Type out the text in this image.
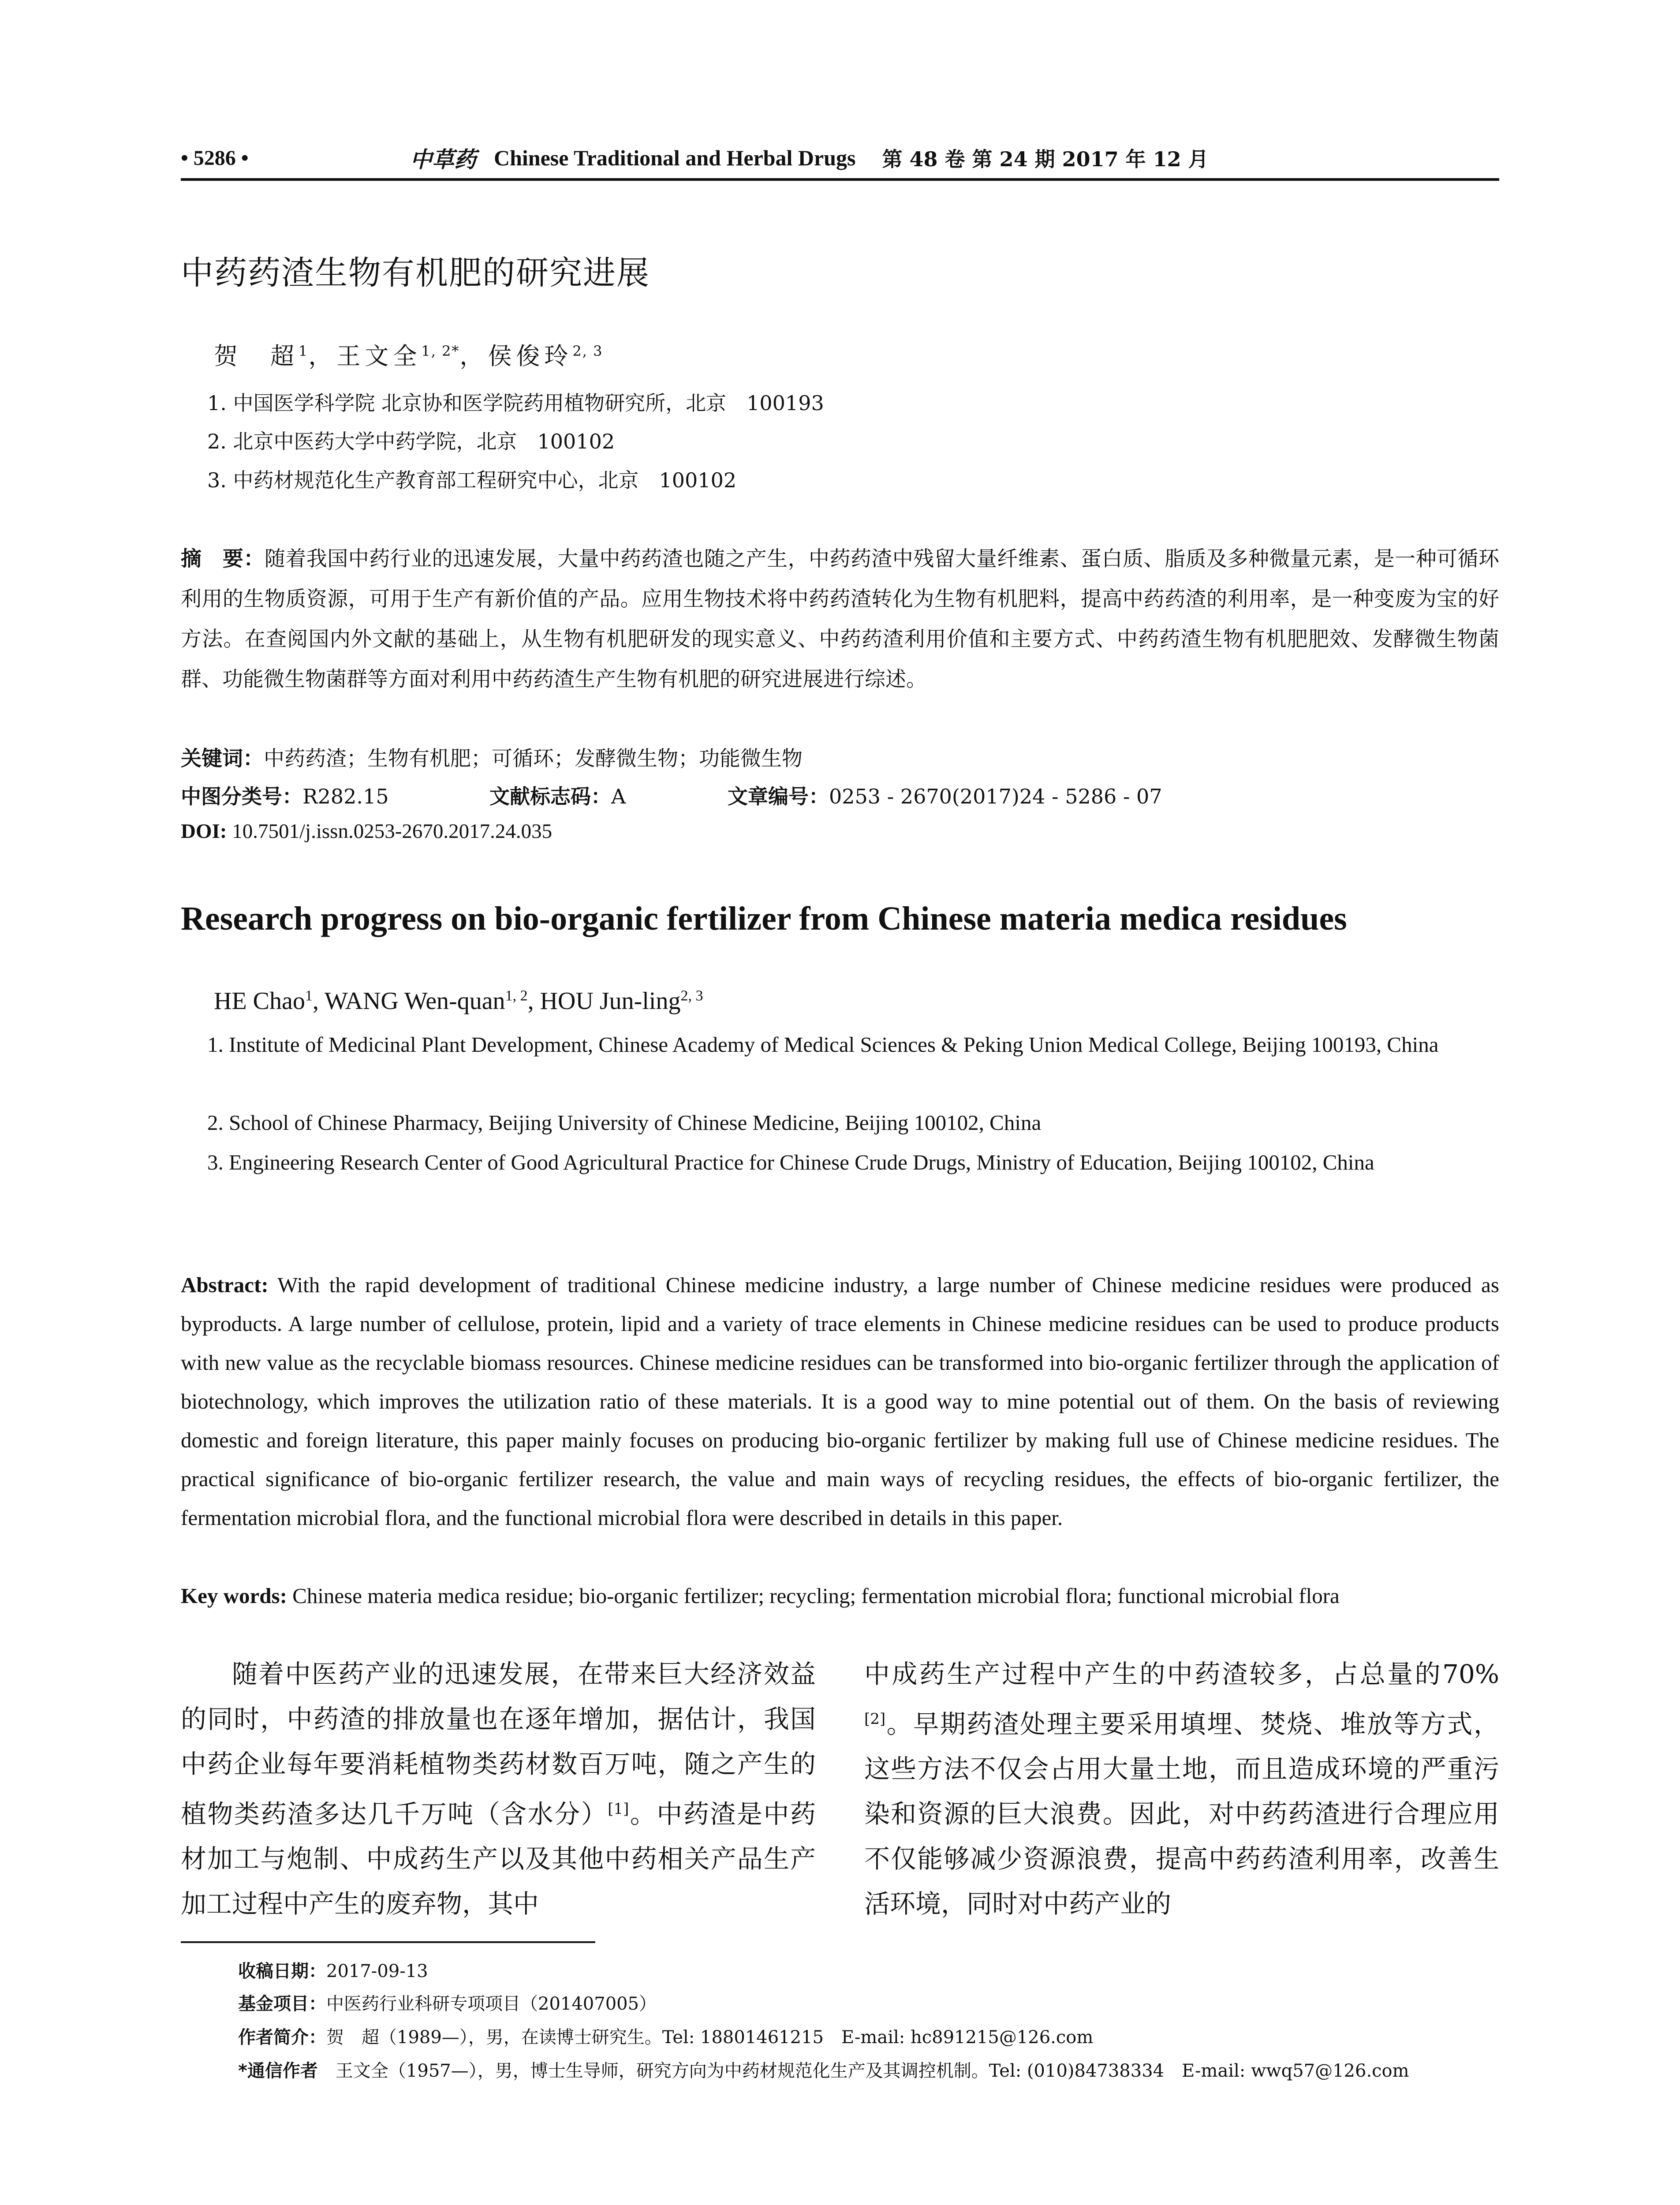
• 5286 •	中草药 Chinese Traditional and Herbal Drugs 第 48 卷 第 24 期 2017 年 12 月
中药药渣生物有机肥的研究进展
贺　超$^1$，王文全$^{1, 2*}$，侯俊玲$^{2, 3}$
1. 中国医学科学院 北京协和医学院药用植物研究所，北京　100193
2. 北京中医药大学中药学院，北京　100102
3. 中药材规范化生产教育部工程研究中心，北京　100102
摘　要：随着我国中药行业的迅速发展，大量中药药渣也随之产生，中药药渣中残留大量纤维素、蛋白质、脂质及多种微量元素，是一种可循环利用的生物质资源，可用于生产有新价值的产品。应用生物技术将中药药渣转化为生物有机肥料，提高中药药渣的利用率，是一种变废为宝的好方法。在查阅国内外文献的基础上，从生物有机肥研发的现实意义、中药药渣利用价值和主要方式、中药药渣生物有机肥肥效、发酵微生物菌群、功能微生物菌群等方面对利用中药药渣生产生物有机肥的研究进展进行综述。
关键词：中药药渣；生物有机肥；可循环；发酵微生物；功能微生物
中图分类号：R282.15	文献标志码：A	文章编号：0253 - 2670(2017)24 - 5286 - 07
DOI: 10.7501/j.issn.0253-2670.2017.24.035
Research progress on bio-organic fertilizer from Chinese materia medica residues
HE Chao$^1$, WANG Wen-quan$^{1, 2}$, HOU Jun-ling$^{2, 3}$
1. Institute of Medicinal Plant Development, Chinese Academy of Medical Sciences & Peking Union Medical College, Beijing 100193, China
2. School of Chinese Pharmacy, Beijing University of Chinese Medicine, Beijing 100102, China
3. Engineering Research Center of Good Agricultural Practice for Chinese Crude Drugs, Ministry of Education, Beijing 100102, China
Abstract: With the rapid development of traditional Chinese medicine industry, a large number of Chinese medicine residues were produced as byproducts. A large number of cellulose, protein, lipid and a variety of trace elements in Chinese medicine residues can be used to produce products with new value as the recyclable biomass resources. Chinese medicine residues can be transformed into bio-organic fertilizer through the application of biotechnology, which improves the utilization ratio of these materials. It is a good way to mine potential out of them. On the basis of reviewing domestic and foreign literature, this paper mainly focuses on producing bio-organic fertilizer by making full use of Chinese medicine residues. The practical significance of bio-organic fertilizer research, the value and main ways of recycling residues, the effects of bio-organic fertilizer, the fermentation microbial flora, and the functional microbial flora were described in details in this paper.
Key words: Chinese materia medica residue; bio-organic fertilizer; recycling; fermentation microbial flora; functional microbial flora
随着中医药产业的迅速发展，在带来巨大经济效益的同时，中药渣的排放量也在逐年增加，据估计，我国中药企业每年要消耗植物类药材数百万吨，随之产生的植物类药渣多达几千万吨（含水分）[1]。中药渣是中药材加工与炮制、中成药生产以及其他中药相关产品生产加工过程中产生的废弃物，其中
中成药生产过程中产生的中药渣较多，占总量的70%[2]。早期药渣处理主要采用填埋、焚烧、堆放等方式，这些方法不仅会占用大量土地，而且造成环境的严重污染和资源的巨大浪费。因此，对中药药渣进行合理应用不仅能够减少资源浪费，提高中药药渣利用率，改善生活环境，同时对中药产业的
收稿日期：2017-09-13
基金项目：中医药行业科研专项项目（201407005）
作者简介：贺　超（1989—），男，在读博士研究生。Tel: 18801461215　E-mail: hc891215@126.com
*通信作者　王文全（1957—），男，博士生导师，研究方向为中药材规范化生产及其调控机制。Tel: (010)84738334　E-mail: wwq57@126.com
